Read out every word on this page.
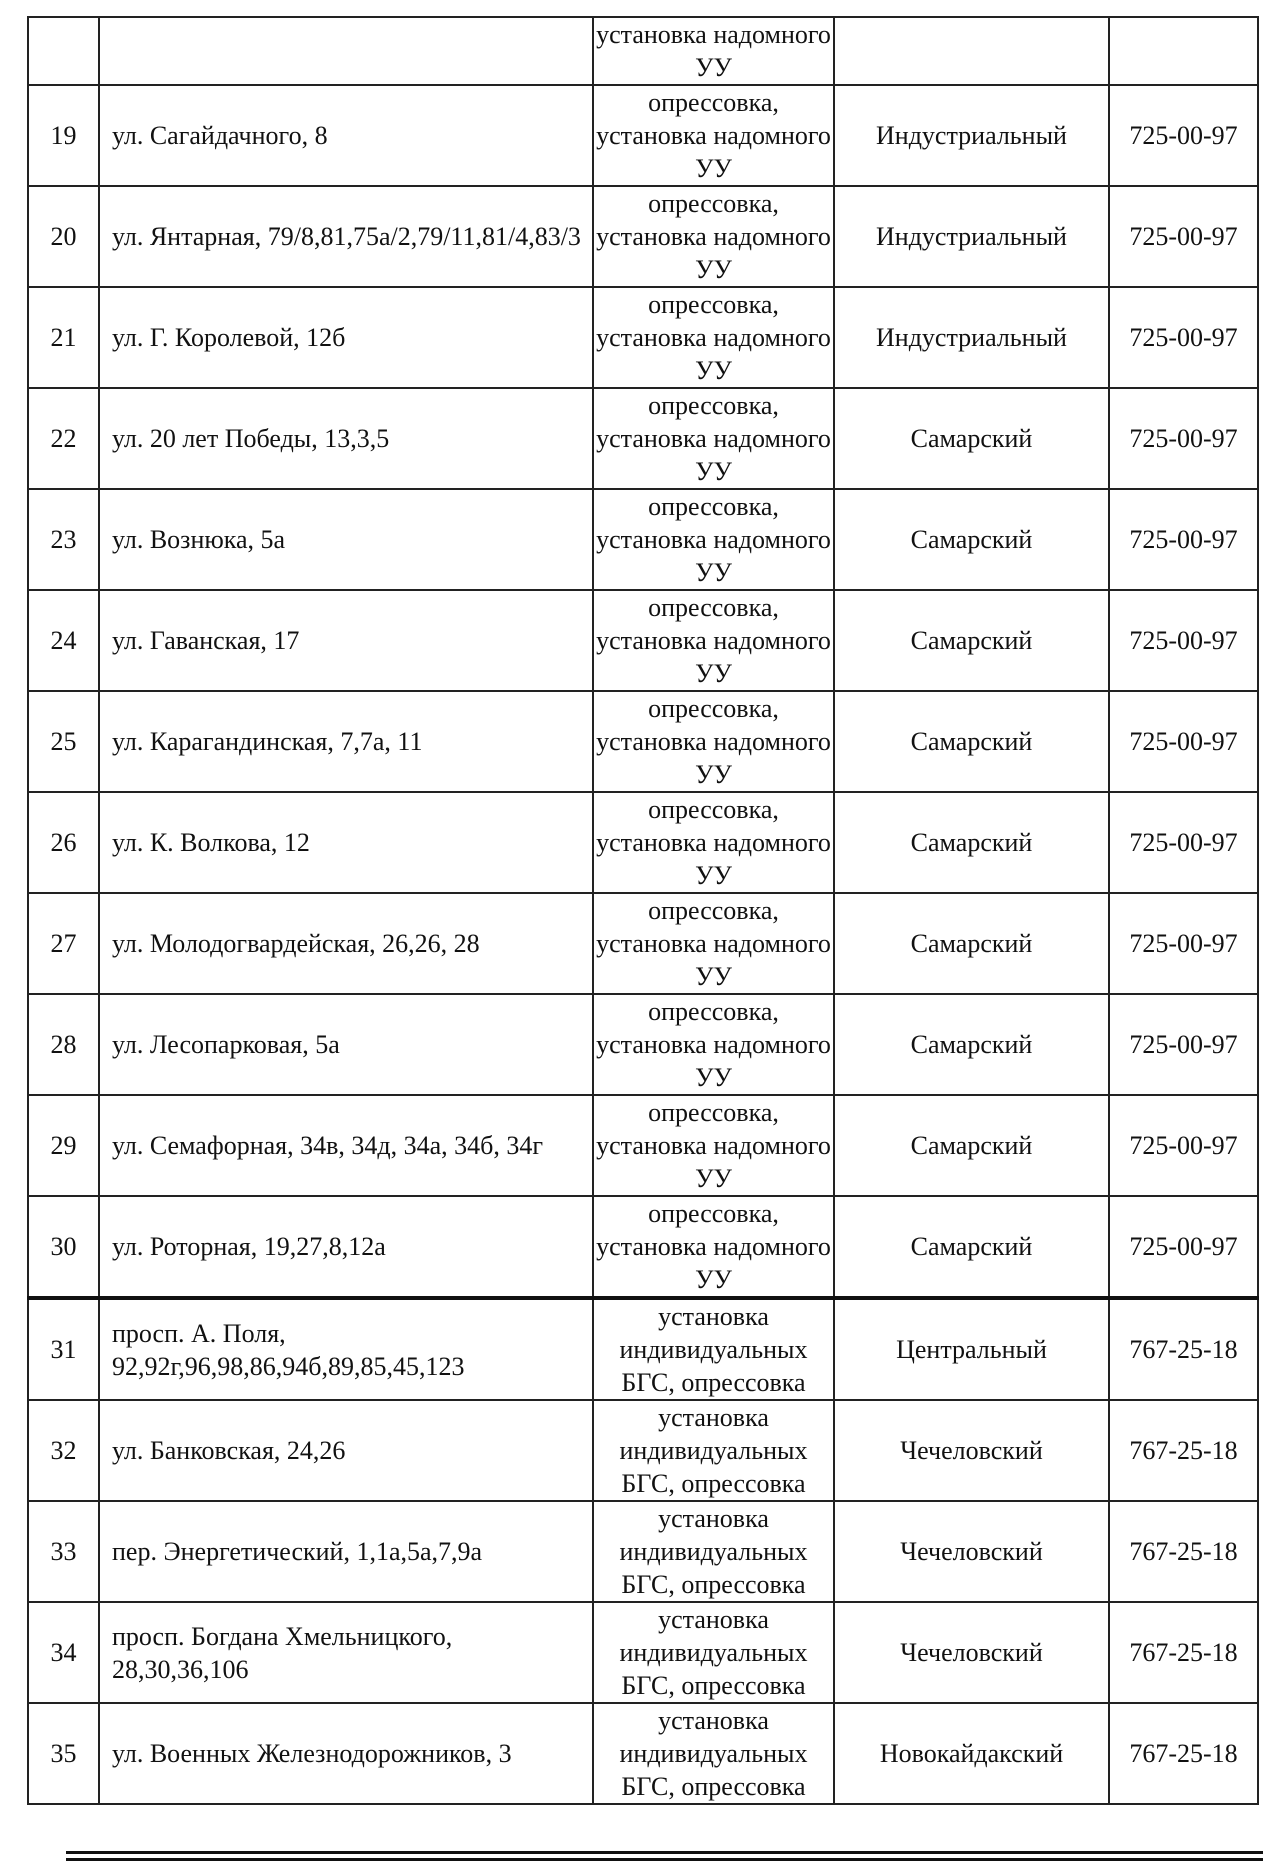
		установка надомного УУ		
19	ул. Сагайдачного, 8	опрессовка, установка надомного УУ	Индустриальный	725-00-97
20	ул. Янтарная, 79/8,81,75а/2,79/11,81/4,83/3	опрессовка, установка надомного УУ	Индустриальный	725-00-97
21	ул. Г. Королевой, 12б	опрессовка, установка надомного УУ	Индустриальный	725-00-97
22	ул. 20 лет Победы, 13,3,5	опрессовка, установка надомного УУ	Самарский	725-00-97
23	ул. Вознюка, 5а	опрессовка, установка надомного УУ	Самарский	725-00-97
24	ул. Гаванская, 17	опрессовка, установка надомного УУ	Самарский	725-00-97
25	ул. Карагандинская, 7,7а, 11	опрессовка, установка надомного УУ	Самарский	725-00-97
26	ул. К. Волкова, 12	опрессовка, установка надомного УУ	Самарский	725-00-97
27	ул. Молодогвардейская, 26,26, 28	опрессовка, установка надомного УУ	Самарский	725-00-97
28	ул. Лесопарковая, 5а	опрессовка, установка надомного УУ	Самарский	725-00-97
29	ул. Семафорная, 34в, 34д, 34а, 34б, 34г	опрессовка, установка надомного УУ	Самарский	725-00-97
30	ул. Роторная, 19,27,8,12а	опрессовка, установка надомного УУ	Самарский	725-00-97
31	просп. А. Поля, 92,92г,96,98,86,94б,89,85,45,123	установка индивидуальных БГС, опрессовка	Центральный	767-25-18
32	ул. Банковская, 24,26	установка индивидуальных БГС, опрессовка	Чечеловский	767-25-18
33	пер. Энергетический, 1,1а,5а,7,9а	установка индивидуальных БГС, опрессовка	Чечеловский	767-25-18
34	просп. Богдана Хмельницкого, 28,30,36,106	установка индивидуальных БГС, опрессовка	Чечеловский	767-25-18
35	ул. Военных Железнодорожников, 3	установка индивидуальных БГС, опрессовка	Новокайдакский	767-25-18
